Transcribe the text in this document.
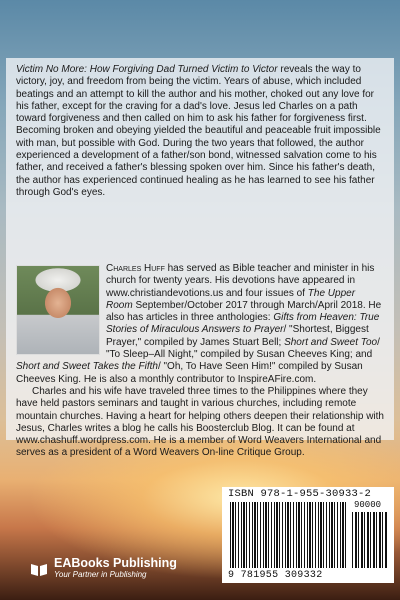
Victim No More: How Forgiving Dad Turned Victim to Victor reveals the way to victory, joy, and freedom from being the victim. Years of abuse, which included beatings and an attempt to kill the author and his mother, choked out any love for his father, except for the craving for a dad's love. Jesus led Charles on a path toward forgiveness and then called on him to ask his father for forgiveness first. Becoming broken and obeying yielded the beautiful and peaceable fruit impossible with man, but possible with God. During the two years that followed, the author experienced a development of a father/son bond, witnessed salvation come to his father, and received a father's blessing spoken over him. Since his father's death, the author has experienced continued healing as he has learned to see his father through God's eyes.

Charles Huff has served as Bible teacher and minister in his church for twenty years. His devotions have appeared in www.christiandevotions.us and four issues of The Upper Room September/October 2017 through March/April 2018. He also has articles in three anthologies: Gifts from Heaven: True Stories of Miraculous Answers to Prayer/ "Shortest, Biggest Prayer," compiled by James Stuart Bell; Short and Sweet Too/ "To Sleep–All Night," compiled by Susan Cheeves King; and Short and Sweet Takes the Fifth/ "Oh, To Have Seen Him!" compiled by Susan Cheeves King. He is also a monthly contributor to InspireAFire.com.

Charles and his wife have traveled three times to the Philippines where they have held pastors seminars and taught in various churches, including remote mountain churches. Having a heart for helping others deepen their relationship with Jesus, Charles writes a blog he calls his Boosterclub Blog. It can be found at www.chashuff.wordpress.com. He is a member of Word Weavers International and serves as a president of a Word Weavers On-line Critique Group.

EABooks Publishing
Your Partner in Publishing
ISBN 978-1-955-30933-2
90000
9 781955 309332
